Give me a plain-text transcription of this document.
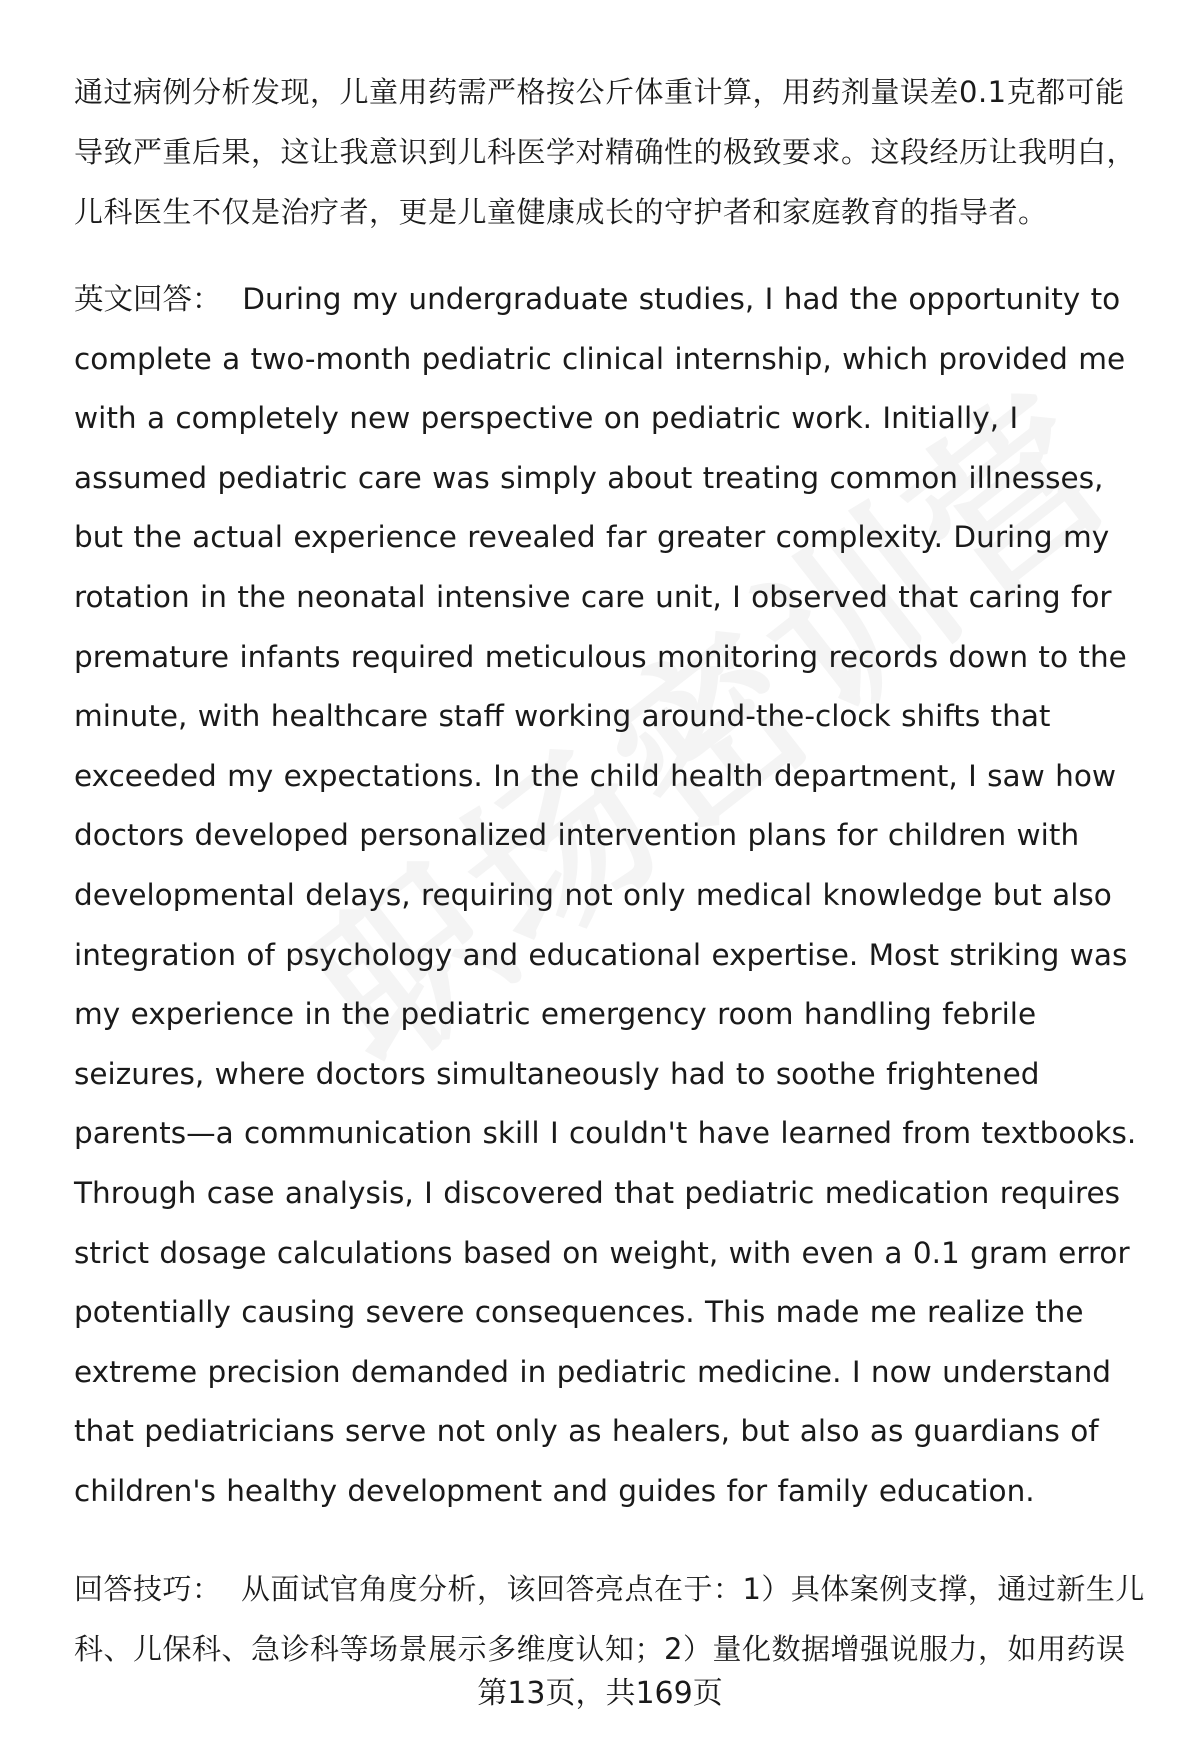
通过病例分析发现，儿童用药需严格按公斤体重计算，用药剂量误差0.1克都可能导致严重后果，这让我意识到儿科医学对精确性的极致要求。这段经历让我明白，儿科医生不仅是治疗者，更是儿童健康成长的守护者和家庭教育的指导者。

英文回答： During my undergraduate studies, I had the opportunity to complete a two-month pediatric clinical internship, which provided me with a completely new perspective on pediatric work. Initially, I assumed pediatric care was simply about treating common illnesses, but the actual experience revealed far greater complexity. During my rotation in the neonatal intensive care unit, I observed that caring for premature infants required meticulous monitoring records down to the minute, with healthcare staff working around-the-clock shifts that exceeded my expectations. In the child health department, I saw how doctors developed personalized intervention plans for children with developmental delays, requiring not only medical knowledge but also integration of psychology and educational expertise. Most striking was my experience in the pediatric emergency room handling febrile seizures, where doctors simultaneously had to soothe frightened parents—a communication skill I couldn't have learned from textbooks. Through case analysis, I discovered that pediatric medication requires strict dosage calculations based on weight, with even a 0.1 gram error potentially causing severe consequences. This made me realize the extreme precision demanded in pediatric medicine. I now understand that pediatricians serve not only as healers, but also as guardians of children's healthy development and guides for family education.

回答技巧： 从面试官角度分析，该回答亮点在于：1）具体案例支撑，通过新生儿科、儿保科、急诊科等场景展示多维度认知；2）量化数据增强说服力，如用药误

第13页，共169页
